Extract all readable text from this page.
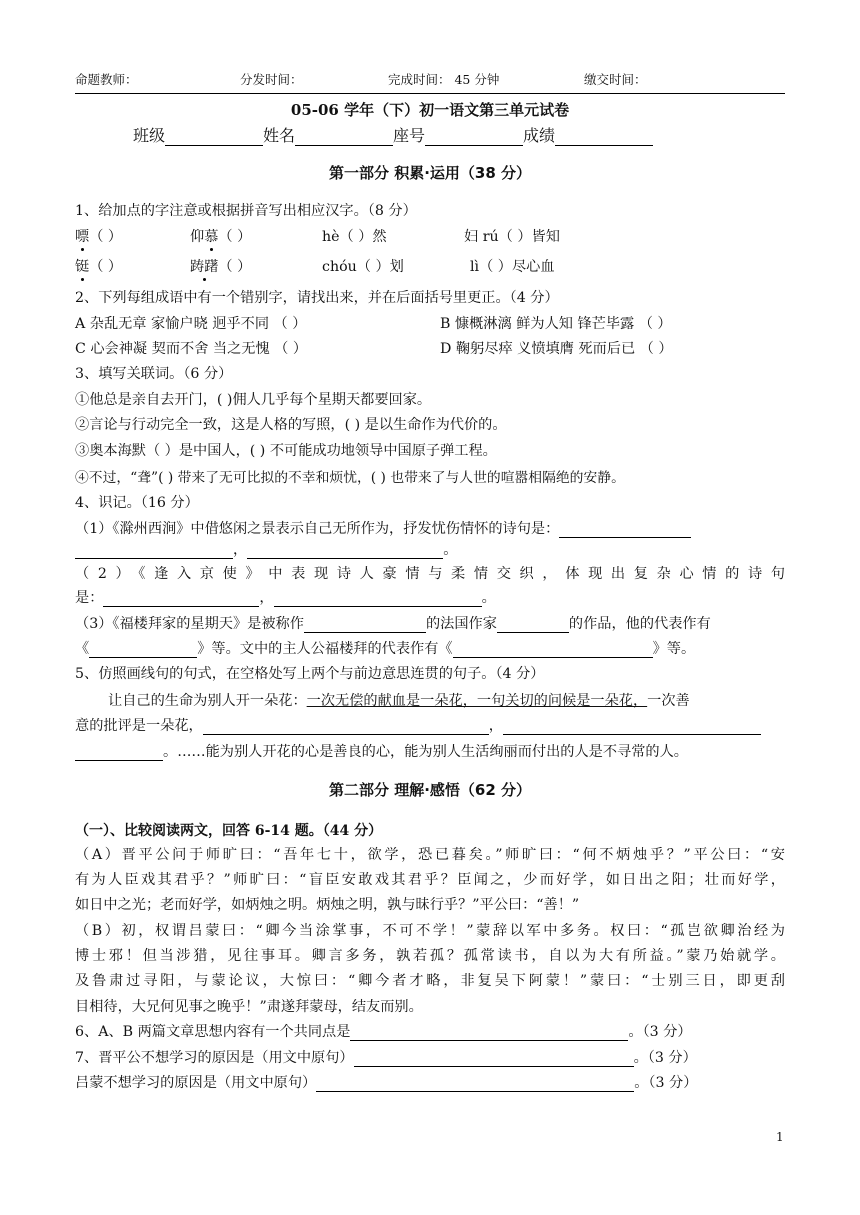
命题教师：	分发时间：	完成时间： 45 分钟	缴交时间：
05-06 学年（下）初一语文第三单元试卷
班级	姓名	座号	成绩
第一部分 积累·运用（38 分）
1、给加点的字注意或根据拼音写出相应汉字。（8 分）
嘌（ ）	仰慕（ ）	hè（ ）然	妇 rú（ ）皆知
铤（ ）	踌躇（ ）	chóu（ ）划	lì（ ）尽心血
2、下列每组成语中有一个错别字，请找出来，并在后面括号里更正。（4 分）
A 杂乱无章 家愉户晓 迥乎不同 （ ）	B 慷概淋漓 鲜为人知 锋芒毕露 （ ）
C 心会神凝 契而不舍 当之无愧 （ ）	D 鞠躬尽瘁 义愤填膺 死而后已 （ ）
3、填写关联词。（6 分）
①他总是亲自去开门，( )佣人几乎每个星期天都要回家。
②言论与行动完全一致，这是人格的写照，( ) 是以生命作为代价的。
③奥本海默（ ）是中国人，( ) 不可能成功地领导中国原子弹工程。
④不过，“聋”( ) 带来了无可比拟的不幸和烦忧，( ) 也带来了与人世的喧嚣相隔绝的安静。
4、识记。（16 分）
（1）《滁州西涧》中借悠闲之景表示自己无所作为，抒发忧伤情怀的诗句是：
，	。
（2）《逢入京使》中表现诗人豪情与柔情交织，体现出复杂心情的诗句
是：	，	。
（3）《福楼拜家的星期天》是被称作	的法国作家	的作品，他的代表作有
《	》等。文中的主人公福楼拜的代表作有《	》等。
5、仿照画线句的句式，在空格处写上两个与前边意思连贯的句子。（4 分）
让自己的生命为别人开一朵花：一次无偿的献血是一朵花，一句关切的问候是一朵花，一次善
意的批评是一朵花，	，
。……能为别人开花的心是善良的心，能为别人生活绚丽而付出的人是不寻常的人。
第二部分 理解·感悟（62 分）
（一）、比较阅读两文，回答 6-14 题。（44 分）
（A）晋平公问于师旷曰：“吾年七十，欲学，恐已暮矣。”师旷曰：“何不炳烛乎？”平公曰：“安
有为人臣戏其君乎？”师旷曰：“盲臣安敢戏其君乎？臣闻之，少而好学，如日出之阳；壮而好学，
如日中之光；老而好学，如炳烛之明。炳烛之明，孰与昧行乎？”平公曰：“善！”
（B）初，权谓吕蒙曰：“卿今当涂掌事，不可不学！”蒙辞以军中多务。权曰：“孤岂欲卿治经为
博士邪！但当涉猎，见往事耳。卿言多务，孰若孤？孤常读书，自以为大有所益。”蒙乃始就学。
及鲁肃过寻阳，与蒙论议，大惊曰：“卿今者才略，非复吴下阿蒙！”蒙曰：“士别三日，即更刮
目相待，大兄何见事之晚乎！”肃遂拜蒙母，结友而别。
6、A、B 两篇文章思想内容有一个共同点是	。（3 分）
7、晋平公不想学习的原因是（用文中原句）	。（3 分）
吕蒙不想学习的原因是（用文中原句）	。（3 分）
1
